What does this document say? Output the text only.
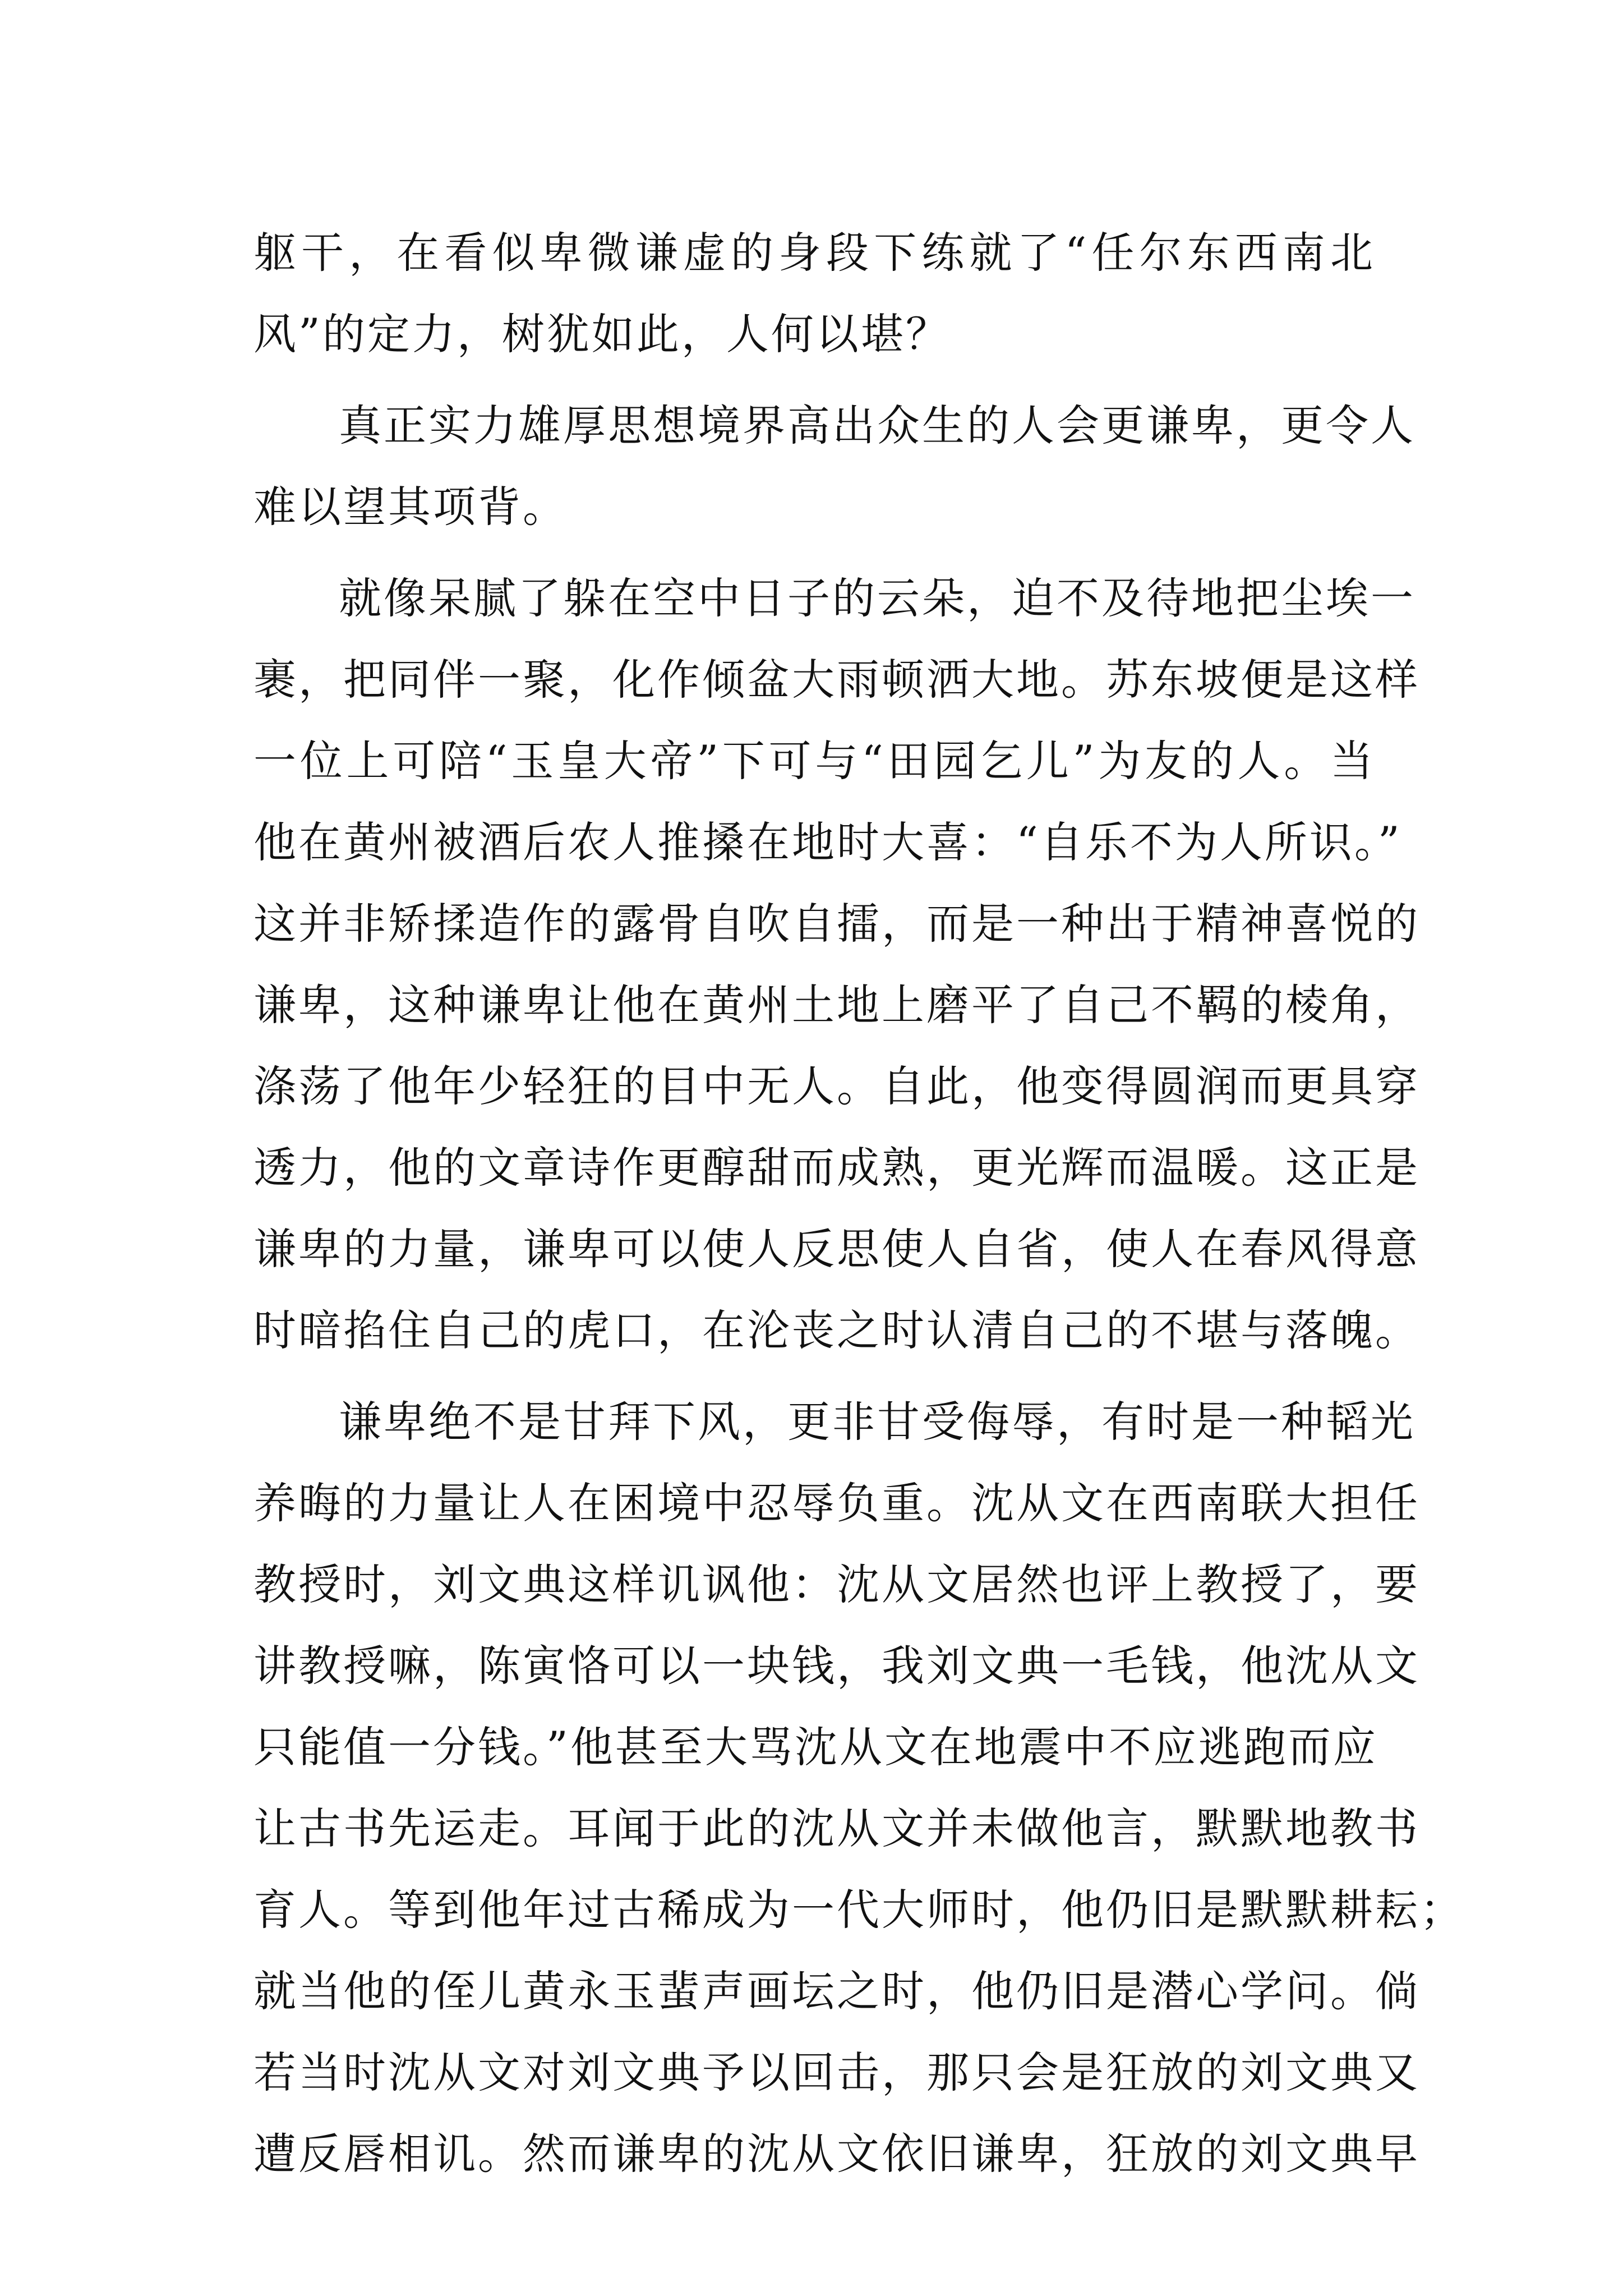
躯干，在看似卑微谦虚的身段下练就了“任尔东西南北
风”的定力，树犹如此，人何以堪？
真正实力雄厚思想境界高出众生的人会更谦卑，更令人
难以望其项背。
就像呆腻了躲在空中日子的云朵，迫不及待地把尘埃一
裹，把同伴一聚，化作倾盆大雨顿洒大地。苏东坡便是这样
一位上可陪“玉皇大帝”下可与“田园乞儿”为友的人。当
他在黄州被酒后农人推搡在地时大喜：“自乐不为人所识。”
这并非矫揉造作的露骨自吹自擂，而是一种出于精神喜悦的
谦卑，这种谦卑让他在黄州土地上磨平了自己不羁的棱角，
涤荡了他年少轻狂的目中无人。自此，他变得圆润而更具穿
透力，他的文章诗作更醇甜而成熟，更光辉而温暖。这正是
谦卑的力量，谦卑可以使人反思使人自省，使人在春风得意
时暗掐住自己的虎口，在沦丧之时认清自己的不堪与落魄。
谦卑绝不是甘拜下风，更非甘受侮辱，有时是一种韬光
养晦的力量让人在困境中忍辱负重。沈从文在西南联大担任
教授时，刘文典这样讥讽他：沈从文居然也评上教授了，要
讲教授嘛，陈寅恪可以一块钱，我刘文典一毛钱，他沈从文
只能值一分钱。”他甚至大骂沈从文在地震中不应逃跑而应
让古书先运走。耳闻于此的沈从文并未做他言，默默地教书
育人。等到他年过古稀成为一代大师时，他仍旧是默默耕耘；
就当他的侄儿黄永玉蜚声画坛之时，他仍旧是潜心学问。倘
若当时沈从文对刘文典予以回击，那只会是狂放的刘文典又
遭反唇相讥。然而谦卑的沈从文依旧谦卑，狂放的刘文典早
